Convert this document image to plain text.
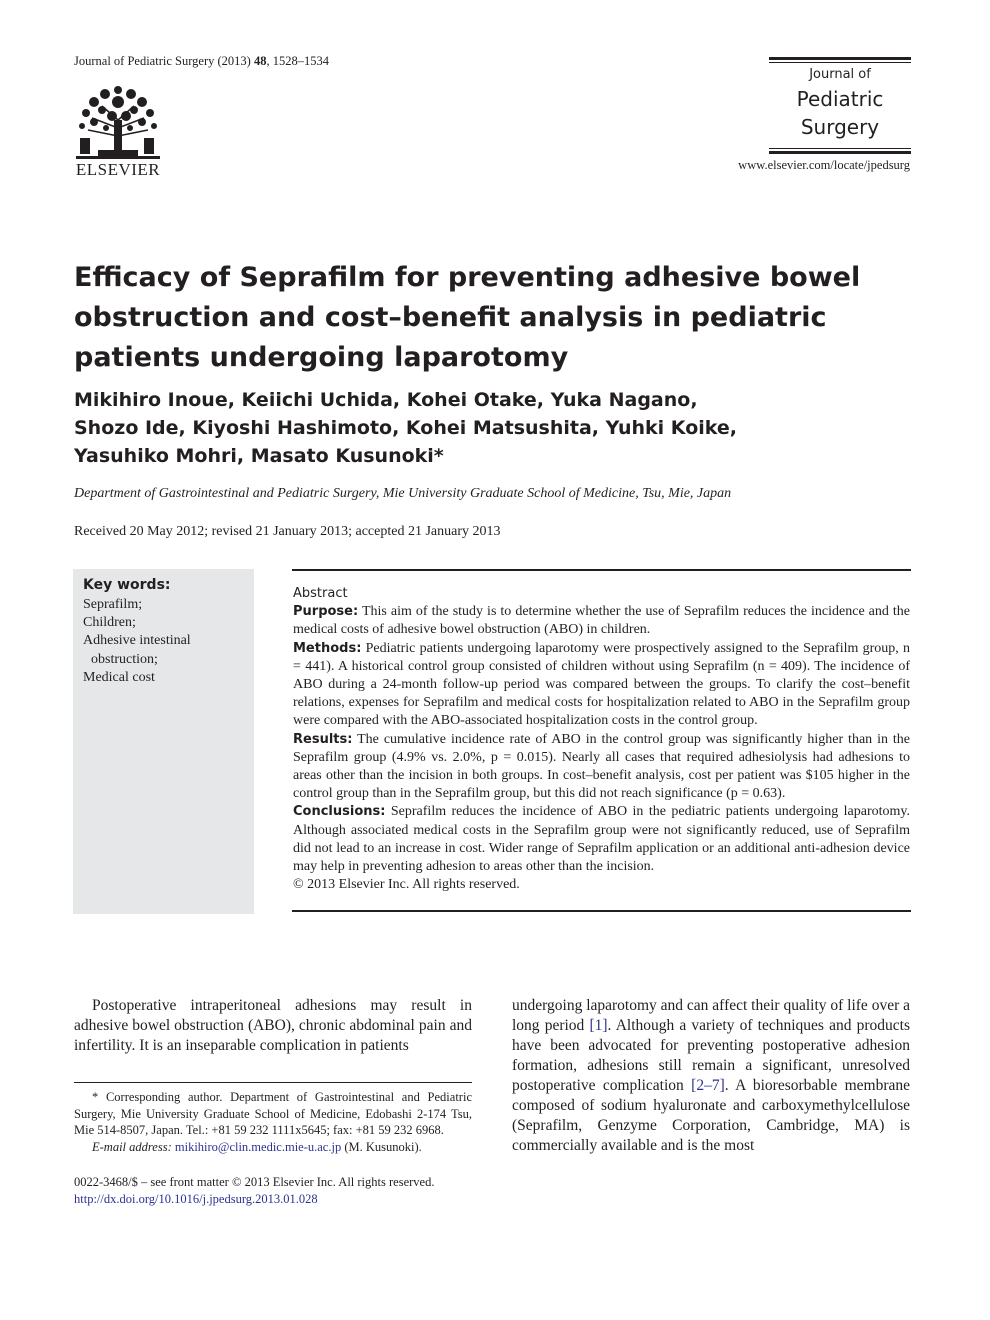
Journal of Pediatric Surgery (2013) 48, 1528–1534
ELSEVIER
Journal of
Pediatric
Surgery
www.elsevier.com/locate/jpedsurg
Efficacy of Seprafilm for preventing adhesive bowel obstruction and cost–benefit analysis in pediatric patients undergoing laparotomy
Mikihiro Inoue, Keiichi Uchida, Kohei Otake, Yuka Nagano,
Shozo Ide, Kiyoshi Hashimoto, Kohei Matsushita, Yuhki Koike,
Yasuhiko Mohri, Masato Kusunoki*
Department of Gastrointestinal and Pediatric Surgery, Mie University Graduate School of Medicine, Tsu, Mie, Japan
Received 20 May 2012; revised 21 January 2013; accepted 21 January 2013
Key words:
Seprafilm;
Children;
Adhesive intestinal
obstruction;
Medical cost

Abstract

Purpose: This aim of the study is to determine whether the use of Seprafilm reduces the incidence and the medical costs of adhesive bowel obstruction (ABO) in children.

Methods: Pediatric patients undergoing laparotomy were prospectively assigned to the Seprafilm group, n = 441). A historical control group consisted of children without using Seprafilm (n = 409). The incidence of ABO during a 24-month follow-up period was compared between the groups. To clarify the cost–benefit relations, expenses for Seprafilm and medical costs for hospitalization related to ABO in the Seprafilm group were compared with the ABO-associated hospitalization costs in the control group.

Results: The cumulative incidence rate of ABO in the control group was significantly higher than in the Seprafilm group (4.9% vs. 2.0%, p = 0.015). Nearly all cases that required adhesiolysis had adhesions to areas other than the incision in both groups. In cost–benefit analysis, cost per patient was $105 higher in the control group than in the Seprafilm group, but this did not reach significance (p = 0.63).

Conclusions: Seprafilm reduces the incidence of ABO in the pediatric patients undergoing laparotomy. Although associated medical costs in the Seprafilm group were not significantly reduced, use of Seprafilm did not lead to an increase in cost. Wider range of Seprafilm application or an additional anti-adhesion device may help in preventing adhesion to areas other than the incision.

© 2013 Elsevier Inc. All rights reserved.

Postoperative intraperitoneal adhesions may result in adhesive bowel obstruction (ABO), chronic abdominal pain and infertility. It is an inseparable complication in patients

undergoing laparotomy and can affect their quality of life over a long period [1]. Although a variety of techniques and products have been advocated for preventing postoperative adhesion formation, adhesions still remain a significant, unresolved postoperative complication [2–7]. A bioresorbable membrane composed of sodium hyaluronate and carboxymethylcellulose (Seprafilm, Genzyme Corporation, Cambridge, MA) is commercially available and is the most

* Corresponding author. Department of Gastrointestinal and Pediatric Surgery, Mie University Graduate School of Medicine, Edobashi 2-174 Tsu, Mie 514-8507, Japan. Tel.: +81 59 232 1111x5645; fax: +81 59 232 6968.

E-mail address: mikihiro@clin.medic.mie-u.ac.jp (M. Kusunoki).

0022-3468/$ – see front matter © 2013 Elsevier Inc. All rights reserved.

http://dx.doi.org/10.1016/j.jpedsurg.2013.01.028
